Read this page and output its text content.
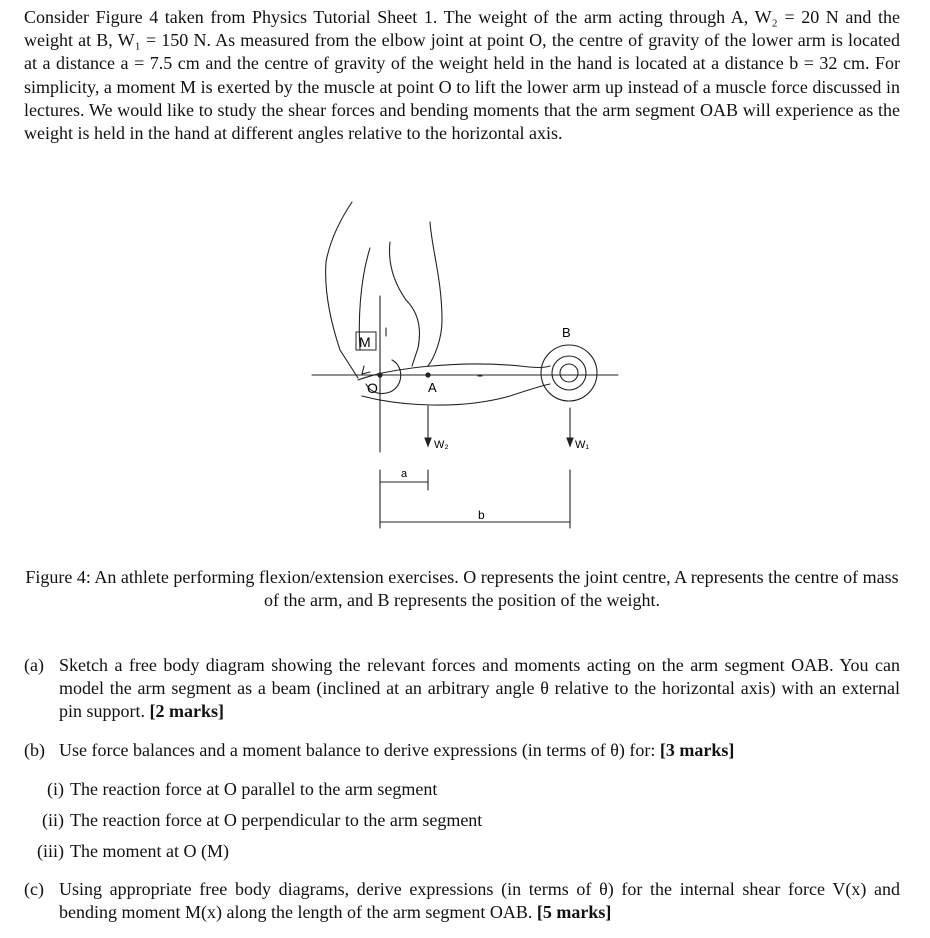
Consider Figure 4 taken from Physics Tutorial Sheet 1. The weight of the arm acting through A, W₂ = 20 N and the weight at B, W₁ = 150 N. As measured from the elbow joint at point O, the centre of gravity of the lower arm is located at a distance a = 7.5 cm and the centre of gravity of the weight held in the hand is located at a distance b = 32 cm. For simplicity, a moment M is exerted by the muscle at point O to lift the lower arm up instead of a muscle force discussed in lectures. We would like to study the shear forces and bending moments that the arm segment OAB will experience as the weight is held in the hand at different angles relative to the horizontal axis.

M
O	A
B
W₂	W₁
a
b

Figure 4: An athlete performing flexion/extension exercises. O represents the joint centre, A represents the centre of mass of the arm, and B represents the position of the weight.

(a) Sketch a free body diagram showing the relevant forces and moments acting on the arm segment OAB. You can model the arm segment as a beam (inclined at an arbitrary angle θ relative to the horizontal axis) with an external pin support. [2 marks]
(b) Use force balances and a moment balance to derive expressions (in terms of θ) for: [3 marks]
(i) The reaction force at O parallel to the arm segment
(ii) The reaction force at O perpendicular to the arm segment
(iii) The moment at O (M)
(c) Using appropriate free body diagrams, derive expressions (in terms of θ) for the internal shear force V(x) and bending moment M(x) along the length of the arm segment OAB. [5 marks]
